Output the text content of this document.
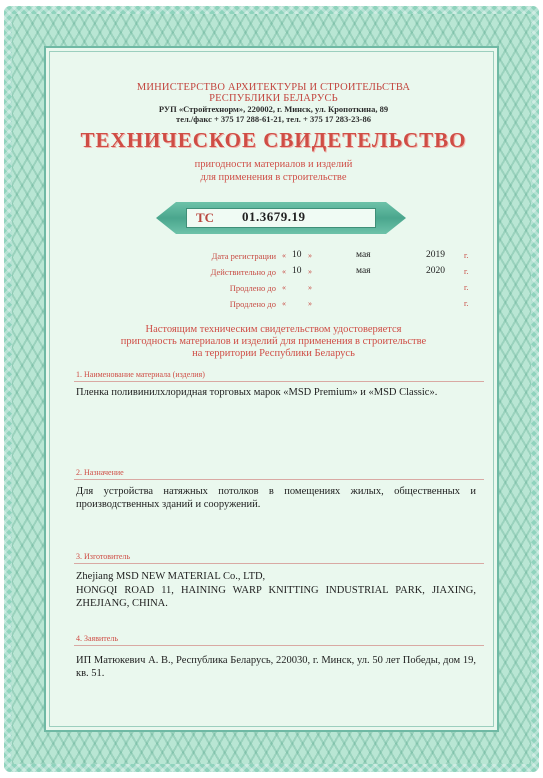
МИНИСТЕРСТВО АРХИТЕКТУРЫ И СТРОИТЕЛЬСТВА
РЕСПУБЛИКИ БЕЛАРУСЬ
РУП «Стройтехнорм», 220002, г. Минск, ул. Кропоткина, 89
тел./факс + 375 17 288-61-21, тел. + 375 17 283-23-86
ТЕХНИЧЕСКОЕ СВИДЕТЕЛЬСТВО
пригодности материалов и изделий
для применения в строительстве
ТС 01.3679.19
Дата регистрации « 10 »	мая	2019 г.
Действительно до « 10 »	мая	2020 г.
Продлено до «	»	г.
Продлено до «	»	г.
Настоящим техническим свидетельством удостоверяется
пригодность материалов и изделий для применения в строительстве
на территории Республики Беларусь
1. Наименование материала (изделия)
Пленка поливинилхлоридная торговых марок «MSD Premium» и «MSD Classic».
2. Назначение
Для устройства натяжных потолков в помещениях жилых, общественных и производственных зданий и сооружений.
3. Изготовитель
Zhejiang MSD NEW MATERIAL Co., LTD,
HONGQI ROAD 11, HAINING WARP KNITTING INDUSTRIAL PARK, JIAXING, ZHEJIANG, CHINA.
4. Заявитель
ИП Матюкевич А. В., Республика Беларусь, 220030, г. Минск, ул. 50 лет Победы, дом 19, кв. 51.
